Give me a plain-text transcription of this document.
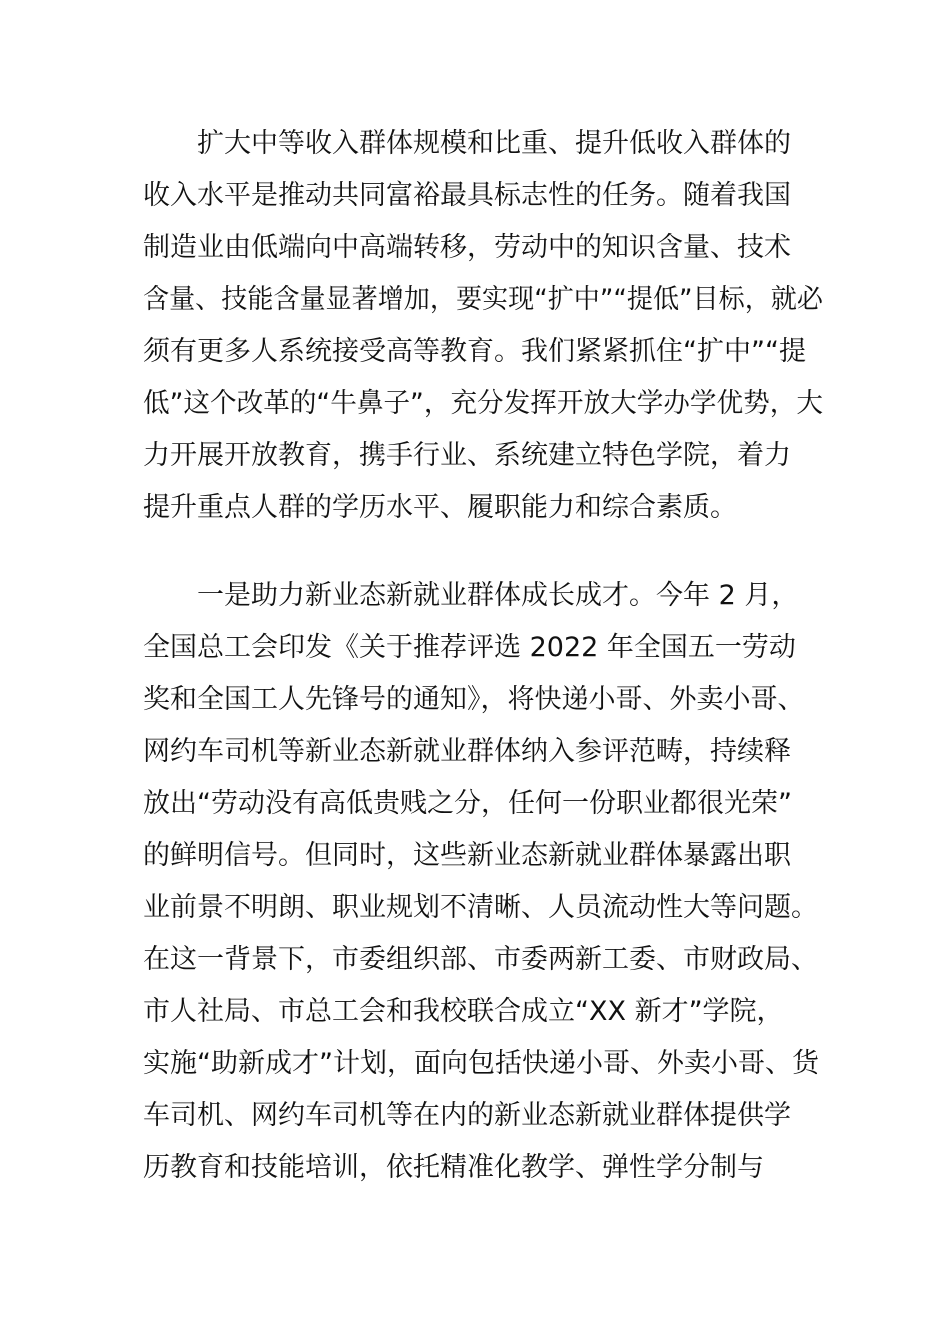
　　扩大中等收入群体规模和比重、提升低收入群体的
收入水平是推动共同富裕最具标志性的任务。随着我国
制造业由低端向中高端转移，劳动中的知识含量、技术
含量、技能含量显著增加，要实现“扩中”“提低”目标，就必
须有更多人系统接受高等教育。我们紧紧抓住“扩中”“提
低”这个改革的“牛鼻子”，充分发挥开放大学办学优势，大
力开展开放教育，携手行业、系统建立特色学院，着力
提升重点人群的学历水平、履职能力和综合素质。
　　一是助力新业态新就业群体成长成才。今年 2 月，
全国总工会印发《关于推荐评选 2022 年全国五一劳动
奖和全国工人先锋号的通知》，将快递小哥、外卖小哥、
网约车司机等新业态新就业群体纳入参评范畴，持续释
放出“劳动没有高低贵贱之分，任何一份职业都很光荣”
的鲜明信号。但同时，这些新业态新就业群体暴露出职
业前景不明朗、职业规划不清晰、人员流动性大等问题。
在这一背景下，市委组织部、市委两新工委、市财政局、
市人社局、市总工会和我校联合成立“XX 新才”学院，
实施“助新成才”计划，面向包括快递小哥、外卖小哥、货
车司机、网约车司机等在内的新业态新就业群体提供学
历教育和技能培训，依托精准化教学、弹性学分制与
